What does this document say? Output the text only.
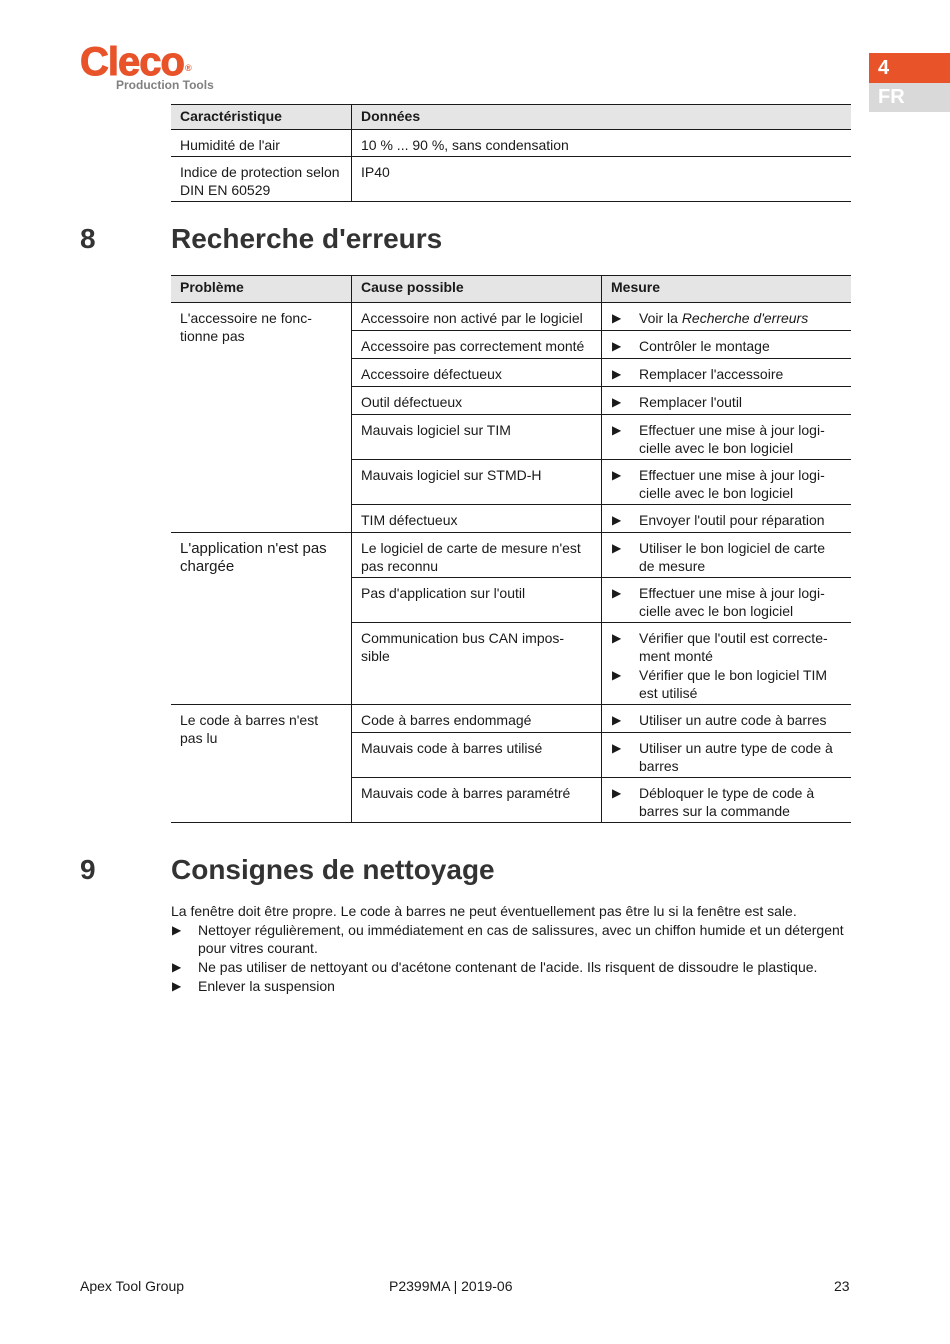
Cleco®
Production Tools
4
FR
Caractéristique	Données
Humidité de l'air	10 % ... 90 %, sans condensation
Indice de protection selon DIN EN 60529	IP40
8	Recherche d'erreurs
Problème	Cause possible	Mesure
L'accessoire ne fonc-tionne pas	Accessoire non activé par le logiciel	▶ Voir la Recherche d'erreurs

	Accessoire pas correctement monté	▶ Contrôler le montage

	Accessoire défectueux	▶ Remplacer l'accessoire

	Outil défectueux	▶ Remplacer l'outil

	Mauvais logiciel sur TIM	▶ Effectuer une mise à jour logi-cielle avec le bon logiciel

	Mauvais logiciel sur STMD-H	▶ Effectuer une mise à jour logi-cielle avec le bon logiciel

	TIM défectueux	▶ Envoyer l'outil pour réparation

L'application n'est pas chargée	Le logiciel de carte de mesure n'est pas reconnu	▶ Utiliser le bon logiciel de carte de mesure

	Pas d'application sur l'outil	▶ Effectuer une mise à jour logi-cielle avec le bon logiciel

	Communication bus CAN impos-sible	▶ Vérifier que l'outil est correcte-ment monté
▶ Vérifier que le bon logiciel TIM est utilisé

Le code à barres n'est pas lu	Code à barres endommagé	▶ Utiliser un autre code à barres

	Mauvais code à barres utilisé	▶ Utiliser un autre type de code à barres

	Mauvais code à barres paramétré	▶ Débloquer le type de code à barres sur la commande
9	Consignes de nettoyage
La fenêtre doit être propre. Le code à barres ne peut éventuellement pas être lu si la fenêtre est sale.
▶ Nettoyer régulièrement, ou immédiatement en cas de salissures, avec un chiffon humide et un détergent pour vitres courant.
▶ Ne pas utiliser de nettoyant ou d'acétone contenant de l'acide. Ils risquent de dissoudre le plastique.
▶ Enlever la suspension
Apex Tool Group	P2399MA | 2019-06	23
